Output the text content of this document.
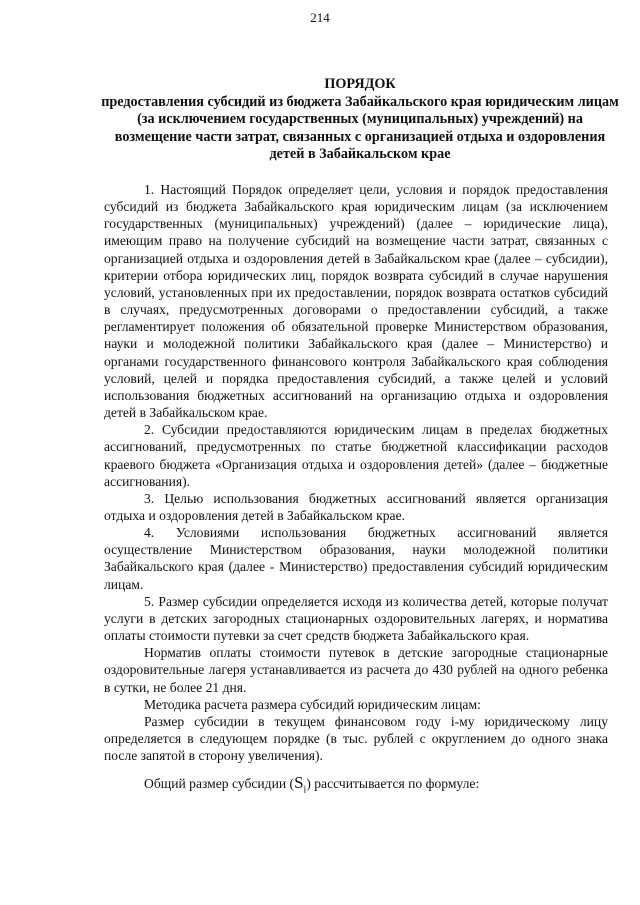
214
ПОРЯДОК
предоставления субсидий из бюджета Забайкальского края юридическим лицам (за исключением государственных (муниципальных) учреждений) на возмещение части затрат, связанных с организацией отдыха и оздоровления детей в Забайкальском крае

1. Настоящий Порядок определяет цели, условия и порядок предоставления субсидий из бюджета Забайкальского края юридическим лицам (за исключением государственных (муниципальных) учреждений) (далее – юридические лица), имеющим право на получение субсидий на возмещение части затрат, связанных с организацией отдыха и оздоровления детей в Забайкальском крае (далее – субсидии), критерии отбора юридических лиц, порядок возврата субсидий в случае нарушения условий, установленных при их предоставлении, порядок возврата остатков субсидий в случаях, предусмотренных договорами о предоставлении субсидий, а также регламентирует положения об обязательной проверке Министерством образования, науки и молодежной политики Забайкальского края (далее – Министерство) и органами государственного финансового контроля Забайкальского края соблюдения условий, целей и порядка предоставления субсидий, а также целей и условий использования бюджетных ассигнований на организацию отдыха и оздоровления детей в Забайкальском крае.

2. Субсидии предоставляются юридическим лицам в пределах бюджетных ассигнований, предусмотренных по статье бюджетной классификации расходов краевого бюджета «Организация отдыха и оздоровления детей» (далее – бюджетные ассигнования).

3. Целью использования бюджетных ассигнований является организация отдыха и оздоровления детей в Забайкальском крае.

4. Условиями использования бюджетных ассигнований является осуществление Министерством образования, науки молодежной политики Забайкальского края (далее - Министерство) предоставления субсидий юридическим лицам.

5. Размер субсидии определяется исходя из количества детей, которые получат услуги в детских загородных стационарных оздоровительных лагерях, и норматива оплаты стоимости путевки за счет средств бюджета Забайкальского края.

Норматив оплаты стоимости путевок в детские загородные стационарные оздоровительные лагеря устанавливается из расчета до 430 рублей на одного ребенка в сутки, не более 21 дня.

Методика расчета размера субсидий юридическим лицам:

Размер субсидии в текущем финансовом году i-му юридическому лицу определяется в следующем порядке (в тыс. рублей с округлением до одного знака после запятой в сторону увеличения).

Общий размер субсидии $(S_i)$ рассчитывается по формуле:
